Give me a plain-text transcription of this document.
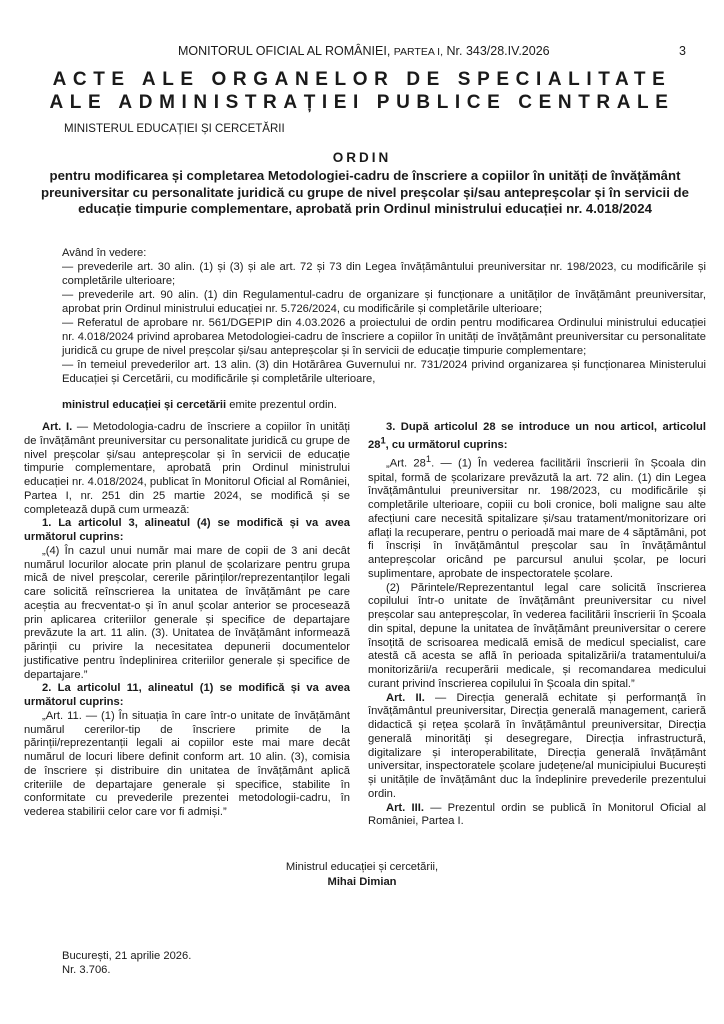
MONITORUL OFICIAL AL ROMÂNIEI, PARTEA I, Nr. 343/28.IV.2026	3
ACTE ALE ORGANELOR DE SPECIALITATE
ALE ADMINISTRAȚIEI PUBLICE CENTRALE
MINISTERUL EDUCAȚIEI ȘI CERCETĂRII
ORDIN
pentru modificarea și completarea Metodologiei-cadru de înscriere a copiilor în unități de învățământ preuniversitar cu personalitate juridică cu grupe de nivel preșcolar și/sau antepreșcolar și în servicii de educație timpurie complementare, aprobată prin Ordinul ministrului educației nr. 4.018/2024

Având în vedere:

— prevederile art. 30 alin. (1) și (3) și ale art. 72 și 73 din Legea învățământului preuniversitar nr. 198/2023, cu modificările și completările ulterioare;

— prevederile art. 90 alin. (1) din Regulamentul-cadru de organizare și funcționare a unităților de învățământ preuniversitar, aprobat prin Ordinul ministrului educației nr. 5.726/2024, cu modificările și completările ulterioare;

— Referatul de aprobare nr. 561/DGEPIP din 4.03.2026 a proiectului de ordin pentru modificarea Ordinului ministrului educației nr. 4.018/2024 privind aprobarea Metodologiei-cadru de înscriere a copiilor în unități de învățământ preuniversitar cu personalitate juridică cu grupe de nivel preșcolar și/sau antepreșcolar și în servicii de educație timpurie complementare;

— în temeiul prevederilor art. 13 alin. (3) din Hotărârea Guvernului nr. 731/2024 privind organizarea și funcționarea Ministerului Educației și Cercetării, cu modificările și completările ulterioare,

ministrul educației și cercetării emite prezentul ordin.

Art. I. — Metodologia-cadru de înscriere a copiilor în unități de învățământ preuniversitar cu personalitate juridică cu grupe de nivel preșcolar și/sau antepreșcolar și în servicii de educație timpurie complementare, aprobată prin Ordinul ministrului educației nr. 4.018/2024, publicat în Monitorul Oficial al României, Partea I, nr. 251 din 25 martie 2024, se modifică și se completează după cum urmează:

1. La articolul 3, alineatul (4) se modifică și va avea următorul cuprins:

„(4) În cazul unui număr mai mare de copii de 3 ani decât numărul locurilor alocate prin planul de școlarizare pentru grupa mică de nivel preșcolar, cererile părinților/reprezentanților legali care solicită reînscrierea la unitatea de învățământ pe care aceștia au frecventat-o și în anul școlar anterior se procesează prin aplicarea criteriilor generale și specifice de departajare prevăzute la art. 11 alin. (3). Unitatea de învățământ informează părinții cu privire la necesitatea depunerii documentelor justificative pentru îndeplinirea criteriilor generale și specifice de departajare.”

2. La articolul 11, alineatul (1) se modifică și va avea următorul cuprins:

„Art. 11. — (1) În situația în care într-o unitate de învățământ numărul cererilor-tip de înscriere primite de la părinții/reprezentanții legali ai copiilor este mai mare decât numărul de locuri libere definit conform art. 10 alin. (3), comisia de înscriere și distribuire din unitatea de învățământ aplică criteriile de departajare generale și specifice, stabilite în conformitate cu prevederile prezentei metodologii-cadru, în vederea stabilirii celor care vor fi admiși.”

3. După articolul 28 se introduce un nou articol, articolul $28^1$, cu următorul cuprins:

„Art. $28^1$. — (1) În vederea facilitării înscrierii în Școala din spital, formă de școlarizare prevăzută la art. 72 alin. (1) din Legea învățământului preuniversitar nr. 198/2023, cu modificările și completările ulterioare, copiii cu boli cronice, boli maligne sau alte afecțiuni care necesită spitalizare și/sau tratament/monitorizare ori aflați la recuperare, pentru o perioadă mai mare de 4 săptămâni, pot fi înscriși în învățământul preșcolar sau în învățământul antepreșcolar oricând pe parcursul anului școlar, pe locuri suplimentare, aprobate de inspectoratele școlare.

(2) Părintele/Reprezentantul legal care solicită înscrierea copilului într-o unitate de învățământ preuniversitar cu nivel preșcolar sau antepreșcolar, în vederea facilitării înscrierii în Școala din spital, depune la unitatea de învățământ preuniversitar o cerere însoțită de scrisoarea medicală emisă de medicul specialist, care atestă că acesta se află în perioada spitalizării/a tratamentului/a monitorizării/a recuperării medicale, și recomandarea medicului curant privind înscrierea copilului în Școala din spital.”

Art. II. — Direcția generală echitate și performanță în învățământul preuniversitar, Direcția generală management, carieră didactică și rețea școlară în învățământul preuniversitar, Direcția generală minorități și desegregare, Direcția infrastructură, digitalizare și interoperabilitate, Direcția generală învățământ universitar, inspectoratele școlare județene/al municipiului București și unitățile de învățământ duc la îndeplinire prevederile prezentului ordin.

Art. III. — Prezentul ordin se publică în Monitorul Oficial al României, Partea I.

Ministrul educației și cercetării,
Mihai Dimian
București, 21 aprilie 2026.
Nr. 3.706.
